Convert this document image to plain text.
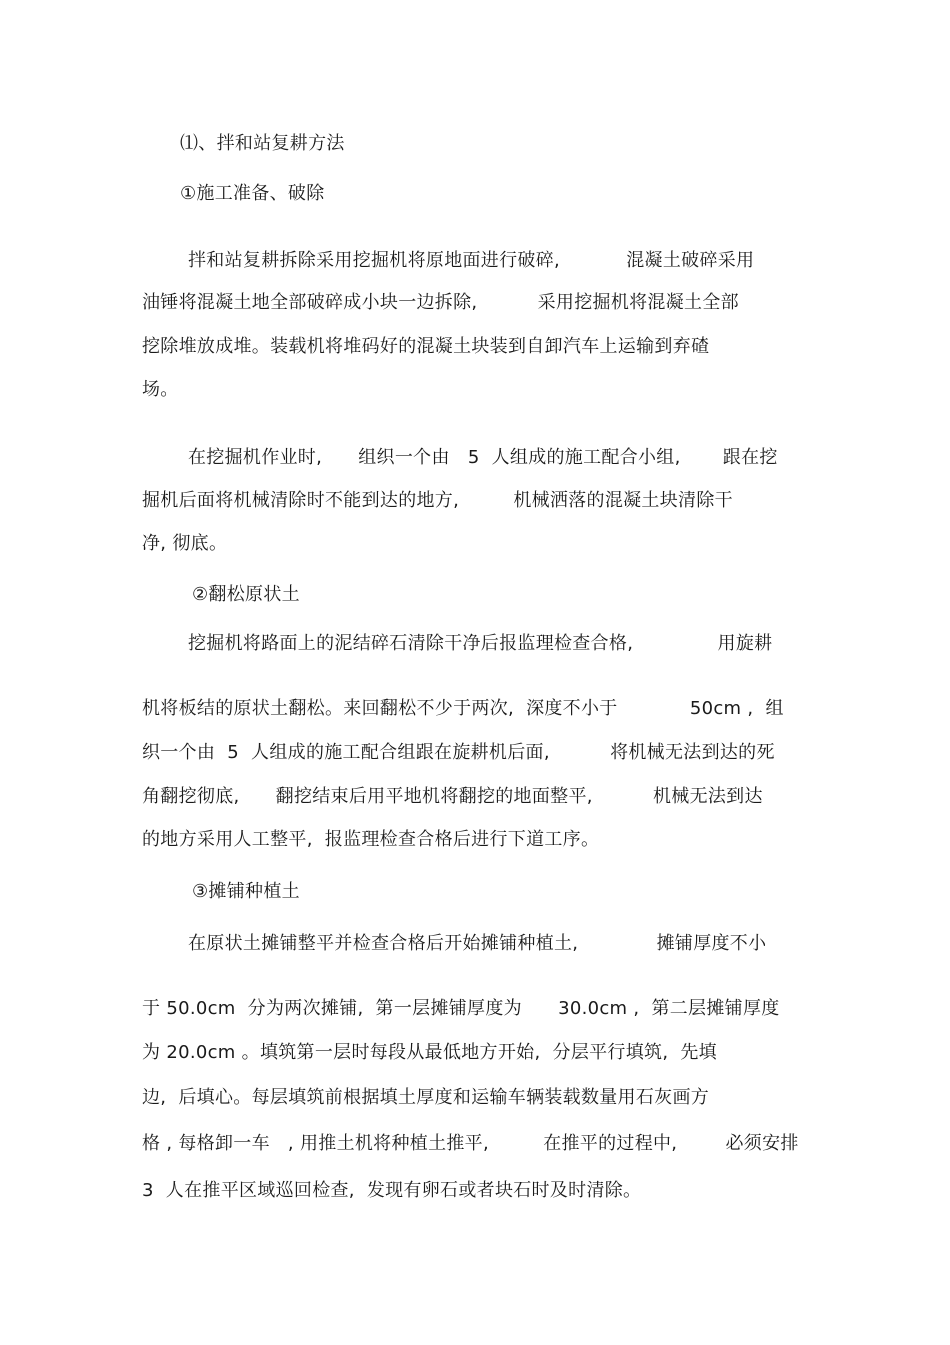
⑴、拌和站复耕方法
①施工准备、破除
拌和站复耕拆除采用挖掘机将原地面进行破碎,           混凝土破碎采用
油锤将混凝土地全部破碎成小块一边拆除,          采用挖掘机将混凝土全部
挖除堆放成堆。装载机将堆码好的混凝土块装到自卸汽车上运输到弃碴
场。
在挖掘机作业时,      组织一个由   5  人组成的施工配合小组,       跟在挖
掘机后面将机械清除时不能到达的地方,         机械洒落的混凝土块清除干
净, 彻底。
②翻松原状土
挖掘机将路面上的泥结碎石清除干净后报监理检查合格,              用旋耕
机将板结的原状土翻松。来回翻松不少于两次,  深度不小于            50cm ,  组
织一个由  5  人组成的施工配合组跟在旋耕机后面,          将机械无法到达的死
角翻挖彻底,      翻挖结束后用平地机将翻挖的地面整平,          机械无法到达
的地方采用人工整平,  报监理检查合格后进行下道工序。
③摊铺种植土
在原状土摊铺整平并检查合格后开始摊铺种植土,             摊铺厚度不小
于 50.0cm  分为两次摊铺,  第一层摊铺厚度为      30.0cm ,  第二层摊铺厚度
为 20.0cm 。填筑第一层时每段从最低地方开始,  分层平行填筑,  先填
边,  后填心。每层填筑前根据填土厚度和运输车辆装载数量用石灰画方
格 , 每格卸一车   , 用推土机将种植土推平,         在推平的过程中,        必须安排
3  人在推平区域巡回检查,  发现有卵石或者块石时及时清除。
